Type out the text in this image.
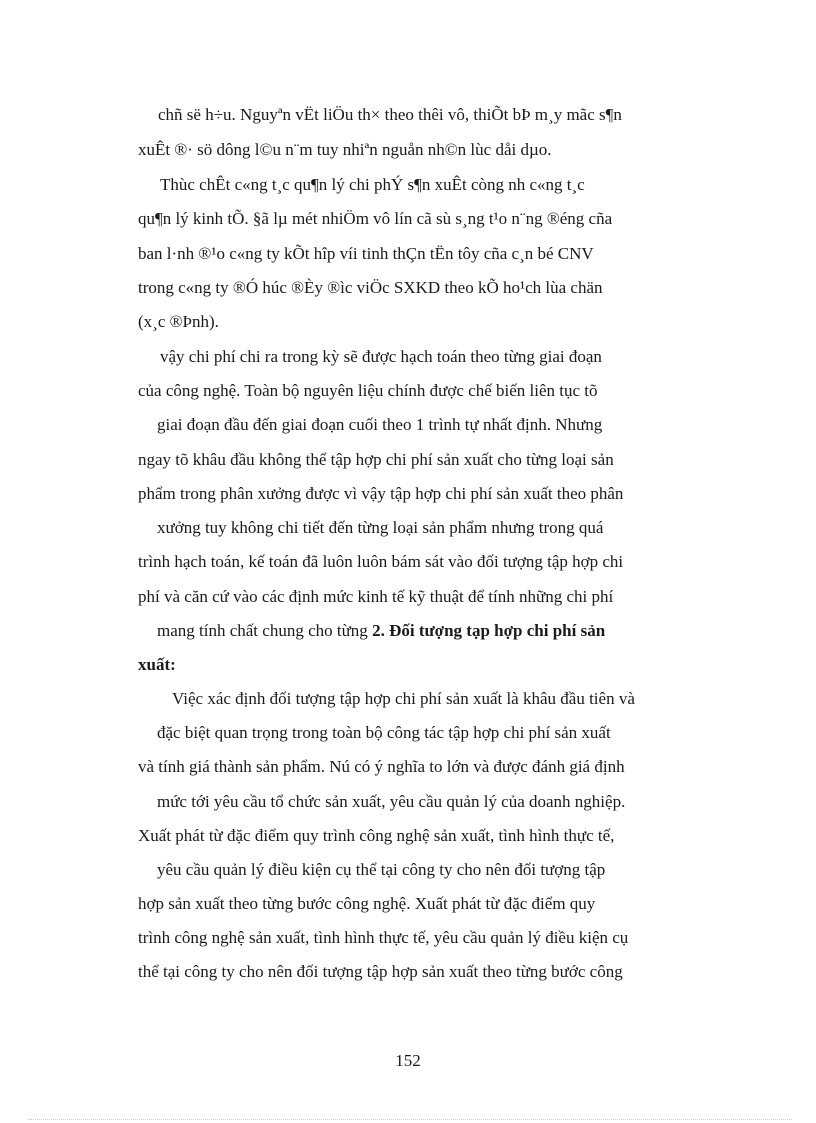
chñ së h÷u. Nguyªn vËt liÖu th× theo thêi vô, thiÕt bÞ m¸y mãc s¶n
xuÊt ®· sö dông l©u n¨m tuy nhiªn nguån nh©n lùc dåi dµo.
Thùc chÊt c«ng t¸c qu¶n lý chi phÝ s¶n xuÊt còng nh c«ng t¸c
qu¶n lý kinh tÕ. §ã lµ mét nhiÖm vô lín cã sù s¸ng t¹o n¨ng ®éng cña
ban l·nh ®¹o c«ng ty kÕt hîp víi tinh thÇn tËn tôy cña c¸n bé CNV
trong c«ng ty ®Ó húc ®Èy ®ìc viÖc SXKD theo kÕ ho¹ch lùa chän
(x¸c ®Þnh).
vậy chi phí chi ra trong kỳ sẽ được hạch toán theo từng giai đoạn
của công nghệ. Toàn bộ nguyên liệu chính được chế biến liên tục tõ
giai đoạn đầu đến giai đoạn cuối theo 1 trình tự nhất định. Nhưng
ngay tõ khâu đầu không thể tập hợp chi phí sản xuất cho từng loại sản
phẩm trong phân xưởng được vì vậy tập hợp chi phí sản xuất theo phân
xưởng tuy không chi tiết đến từng loại sản phẩm nhưng trong quá
trình hạch toán, kế toán đã luôn luôn bám sát vào đối tượng tập hợp chi
phí và căn cứ vào các định mức kinh tế kỹ thuật để tính những chi phí
mang tính chất chung cho từng 2. Đối tượng tạp hợp chi phí sản
xuất:
Việc xác định đối tượng tập hợp chi phí sản xuất là khâu đầu tiên và
đặc biệt quan trọng trong toàn bộ công tác tập hợp chi phí sản xuất
và tính giá thành sản phẩm. Nú có ý nghĩa to lớn và được đánh giá định
mức tới yêu cầu tổ chức sản xuất, yêu cầu quản lý của doanh nghiệp.
Xuất phát từ đặc điểm quy trình công nghệ sản xuất, tình hình thực tế,
yêu cầu quản lý điều kiện cụ thể tại công ty cho nên đối tượng tập
hợp sản xuất theo từng bước công nghệ. Xuất phát từ đặc điểm quy
trình công nghệ sản xuất, tình hình thực tế, yêu cầu quản lý điều kiện cụ
thể tại công ty cho nên đối tượng tập hợp sản xuất theo từng bước công
152
